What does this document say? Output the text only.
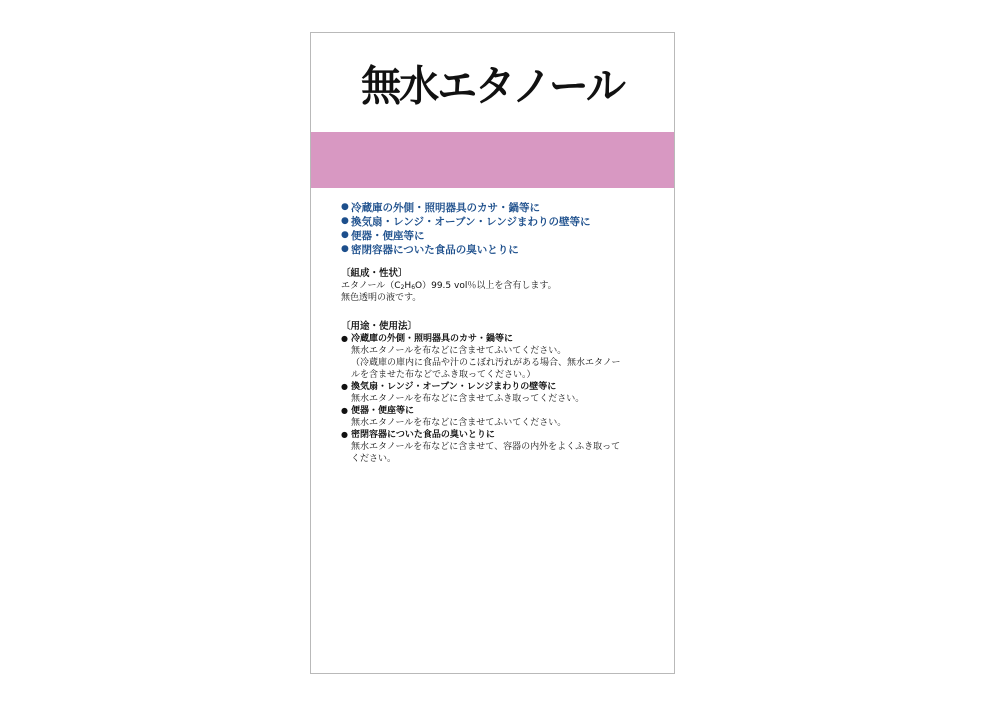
無水エタノール
● 冷蔵庫の外側・照明器具のカサ・鍋等に
● 換気扇・レンジ・オーブン・レンジまわりの壁等に
● 便器・便座等に
● 密閉容器についた食品の臭いとりに
〔組成・性状〕
エタノール（C2H6O）99.5 vol％以上を含有します。
無色透明の液です。
〔用途・使用法〕
● 冷蔵庫の外側・照明器具のカサ・鍋等に
無水エタノールを布などに含ませてふいてください。
（冷蔵庫の庫内に食品や汁のこぼれ汚れがある場合、無水エタノー
ルを含ませた布などでふき取ってください。）
● 換気扇・レンジ・オーブン・レンジまわりの壁等に
無水エタノールを布などに含ませてふき取ってください。
● 便器・便座等に
無水エタノールを布などに含ませてふいてください。
● 密閉容器についた食品の臭いとりに
無水エタノールを布などに含ませて、容器の内外をよくふき取って
ください。
